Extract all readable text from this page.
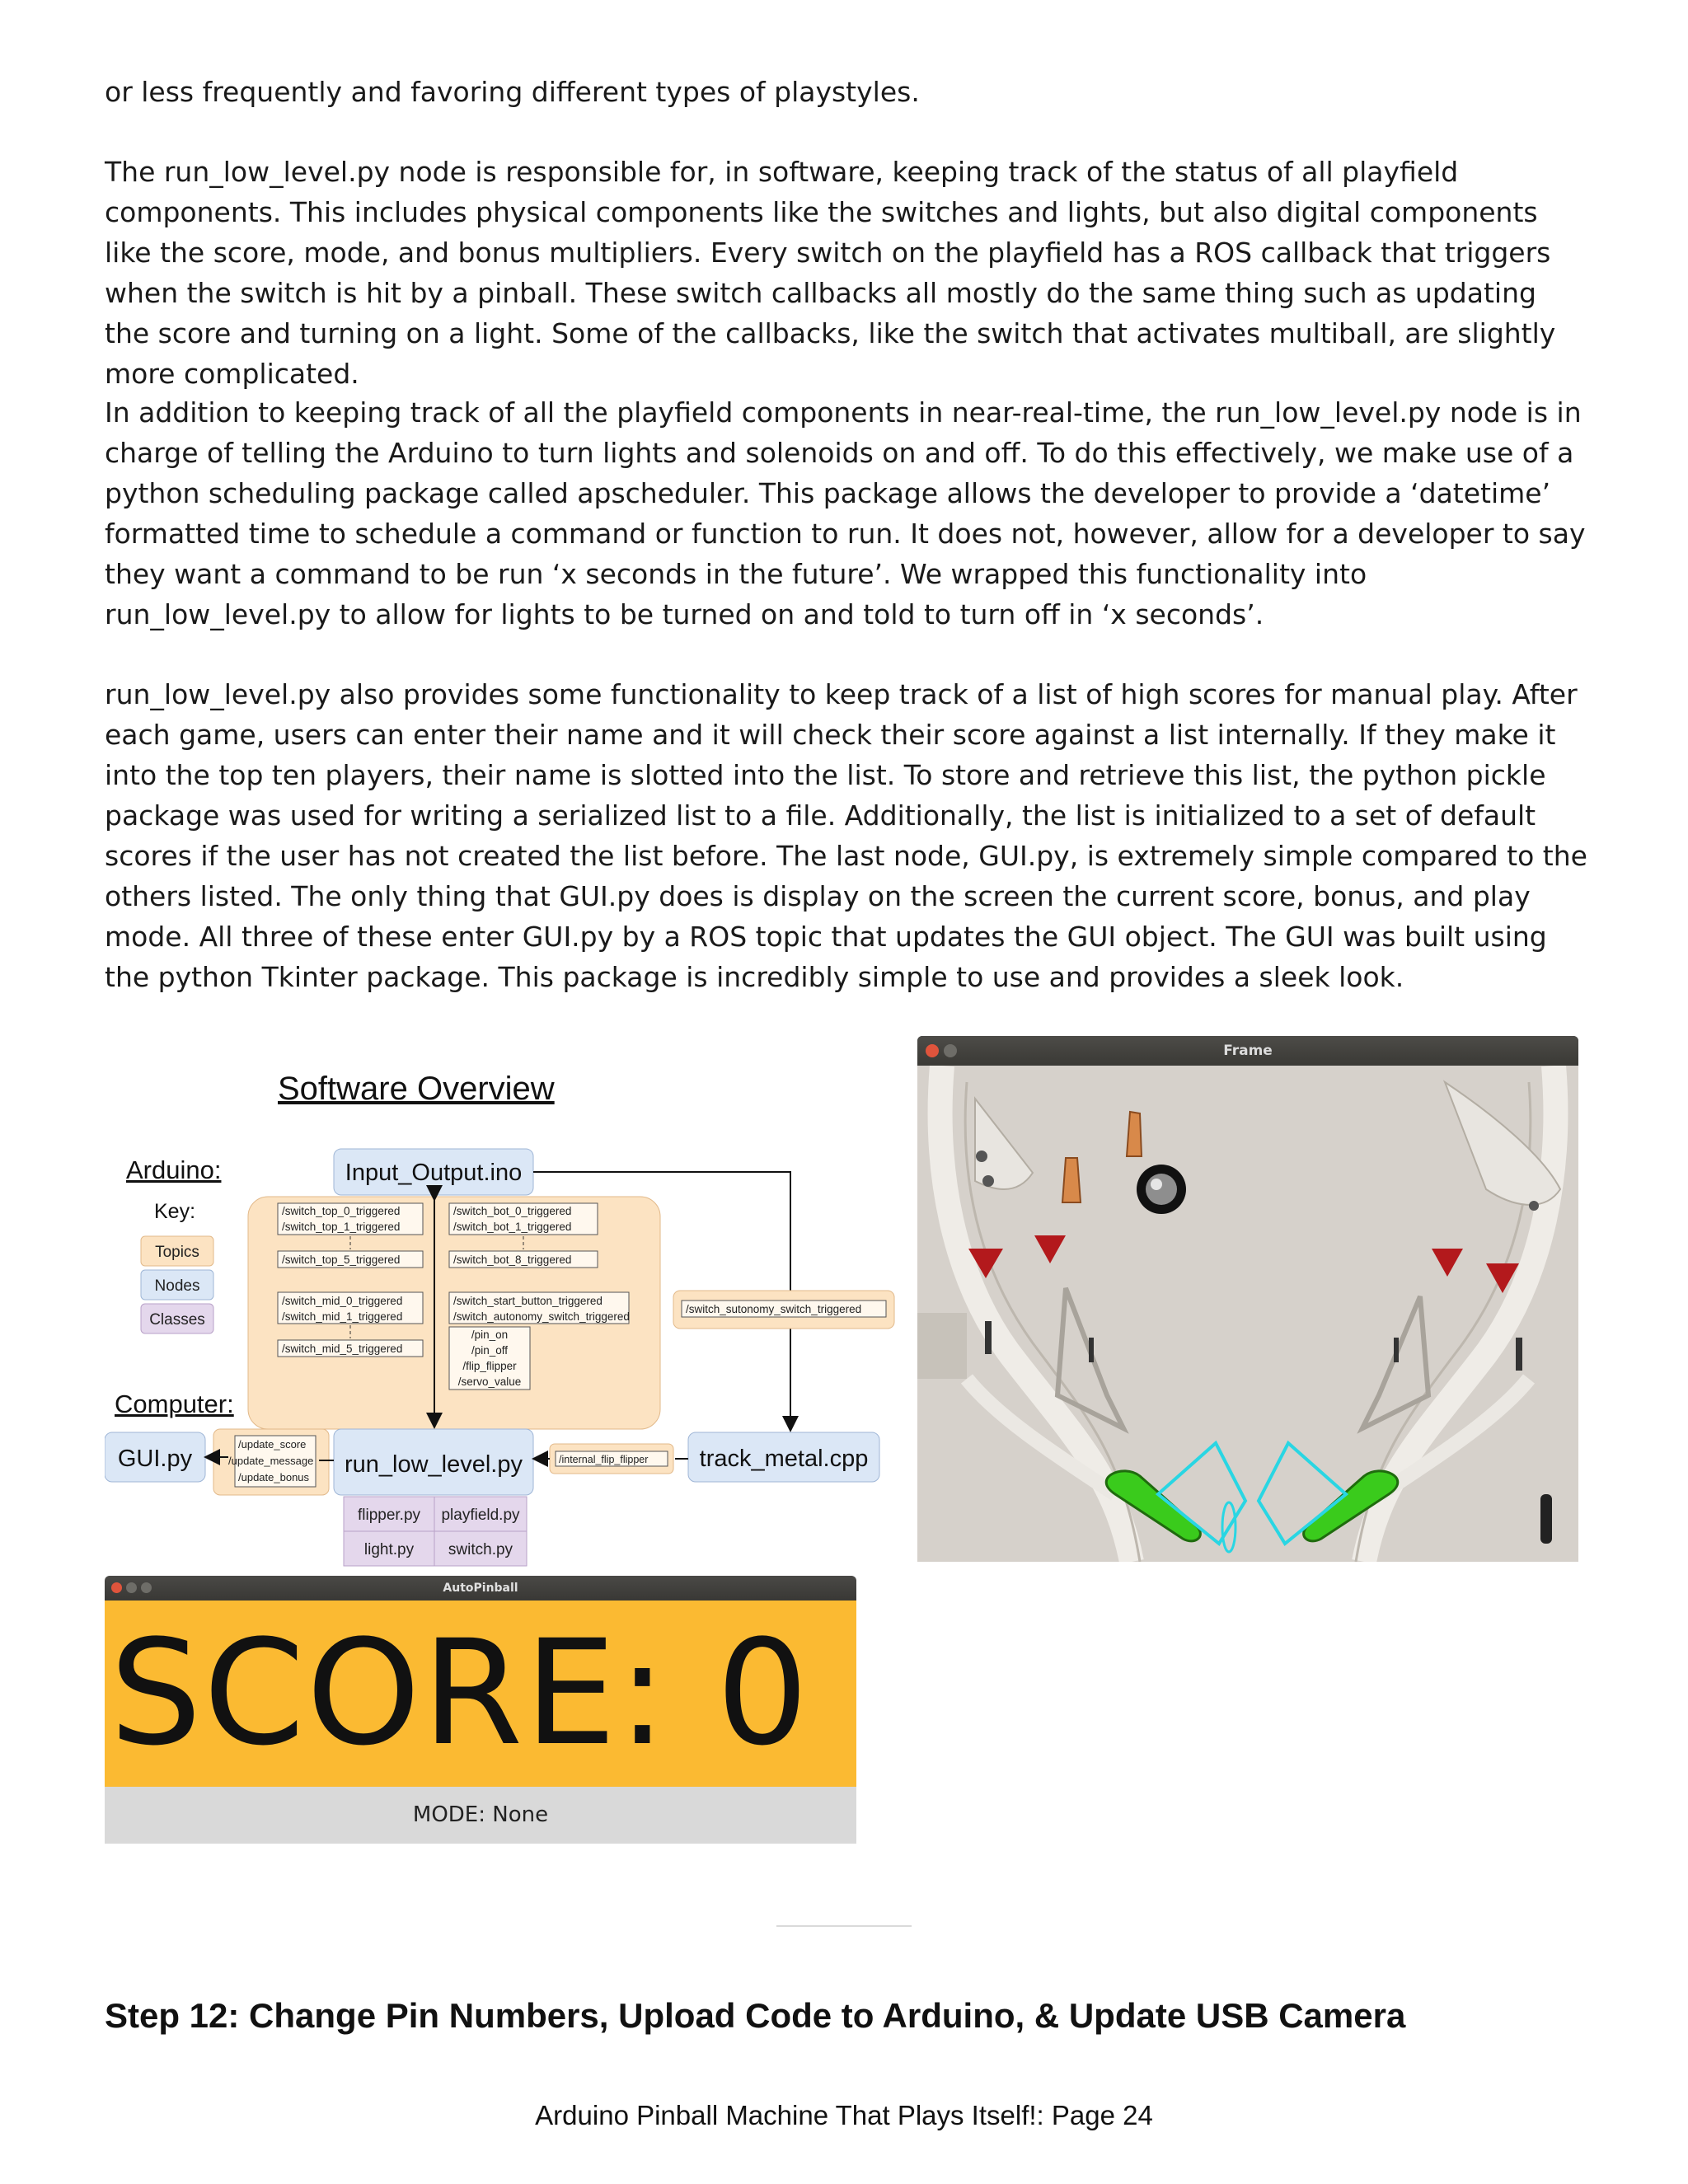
or less frequently and favoring different types of playstyles.

The run_low_level.py node is responsible for, in software, keeping track of the status of all playfield components. This includes physical components like the switches and lights, but also digital components like the score, mode, and bonus multipliers. Every switch on the playfield has a ROS callback that triggers when the switch is hit by a pinball. These switch callbacks all mostly do the same thing such as updating the score and turning on a light. Some of the callbacks, like the switch that activates multiball, are slightly more complicated.

In addition to keeping track of all the playfield components in near-real-time, the run_low_level.py node is in charge of telling the Arduino to turn lights and solenoids on and off. To do this effectively, we make use of a python scheduling package called apscheduler. This package allows the developer to provide a ‘datetime’ formatted time to schedule a command or function to run. It does not, however, allow for a developer to say they want a command to be run ‘x seconds in the future’. We wrapped this functionality into run_low_level.py to allow for lights to be turned on and told to turn off in ‘x seconds’.

run_low_level.py also provides some functionality to keep track of a list of high scores for manual play. After each game, users can enter their name and it will check their score against a list internally. If they make it into the top ten players, their name is slotted into the list. To store and retrieve this list, the python pickle package was used for writing a serialized list to a file. Additionally, the list is initialized to a set of default scores if the user has not created the list before. The last node, GUI.py, is extremely simple compared to the others listed. The only thing that GUI.py does is display on the screen the current score, bonus, and play mode. All three of these enter GUI.py by a ROS topic that updates the GUI object. The GUI was built using the python Tkinter package. This package is incredibly simple to use and provides a sleek look.

Software Overview
Arduino:
Key:
Topics
Nodes
Classes
Computer:
/switch_top_0_triggered
/switch_top_1_triggered
/switch_top_5_triggered
/switch_mid_0_triggered
/switch_mid_1_triggered
/switch_mid_5_triggered
/switch_bot_0_triggered
/switch_bot_1_triggered
/switch_bot_8_triggered
/switch_start_button_triggered
/switch_autonomy_switch_triggered
/pin_on
/pin_off
/flip_flipper
/servo_value
Input_Output.ino
/switch_sutonomy_switch_triggered
run_low_level.py	track_metal.cpp
/internal_flip_flipper
GUI.py
/update_score
/update_message
/update_bonus
flipper.py playfield.py
light.py switch.py
Frame
AutoPinball
SCORE: 0
MODE: None
Step 12: Change Pin Numbers, Upload Code to Arduino, & Update USB Camera
Arduino Pinball Machine That Plays Itself!: Page 24
